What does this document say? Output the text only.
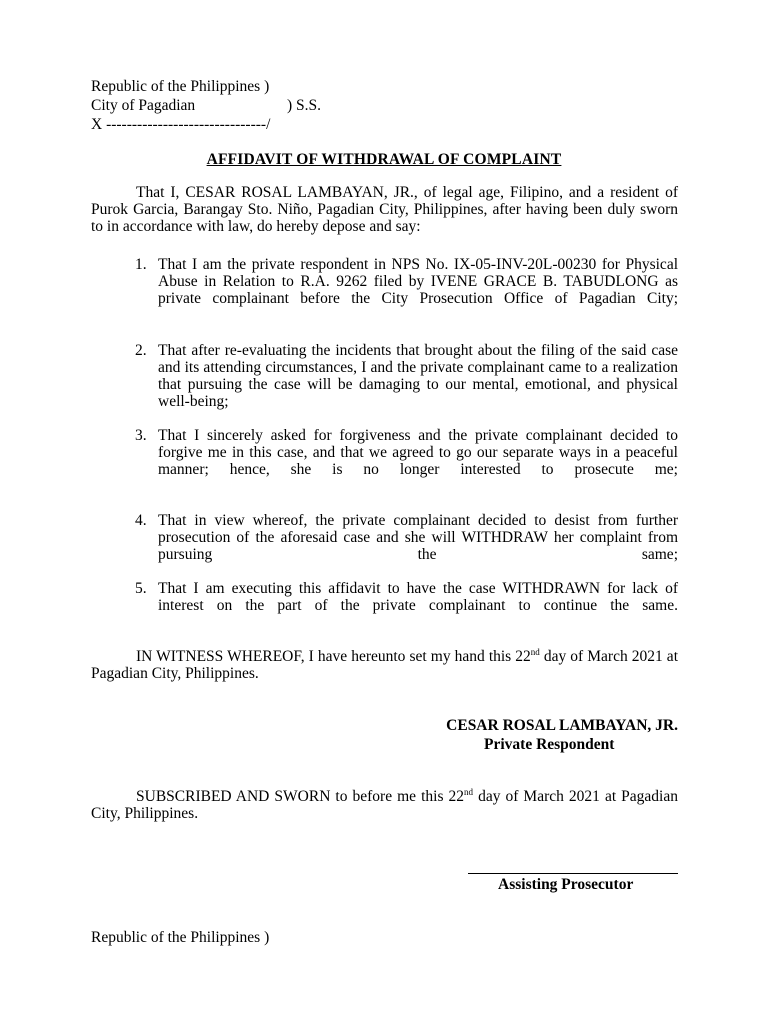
Republic of the Philippines )
City of Pagadian	) S.S.
X -------------------------------/
AFFIDAVIT OF WITHDRAWAL OF COMPLAINT
That I, CESAR ROSAL LAMBAYAN, JR., of legal age, Filipino, and a resident of Purok Garcia, Barangay Sto. Niño, Pagadian City, Philippines, after having been duly sworn to in accordance with law, do hereby depose and say:
1. That I am the private respondent in NPS No. IX-05-INV-20L-00230 for Physical Abuse in Relation to R.A. 9262 filed by IVENE GRACE B. TABUDLONG as private complainant before the City Prosecution Office of Pagadian City;
2. That after re-evaluating the incidents that brought about the filing of the said case and its attending circumstances, I and the private complainant came to a realization that pursuing the case will be damaging to our mental, emotional, and physical well-being;
3. That I sincerely asked for forgiveness and the private complainant decided to forgive me in this case, and that we agreed to go our separate ways in a peaceful manner; hence, she is no longer interested to prosecute me;
4. That in view whereof, the private complainant decided to desist from further prosecution of the aforesaid case and she will WITHDRAW her complaint from pursuing the same;
5. That I am executing this affidavit to have the case WITHDRAWN for lack of interest on the part of the private complainant to continue the same.
IN WITNESS WHEREOF, I have hereunto set my hand this 22nd day of March 2021 at Pagadian City, Philippines.
CESAR ROSAL LAMBAYAN, JR.
Private Respondent
SUBSCRIBED AND SWORN to before me this 22nd day of March 2021 at Pagadian City, Philippines.
Assisting Prosecutor
Republic of the Philippines )
